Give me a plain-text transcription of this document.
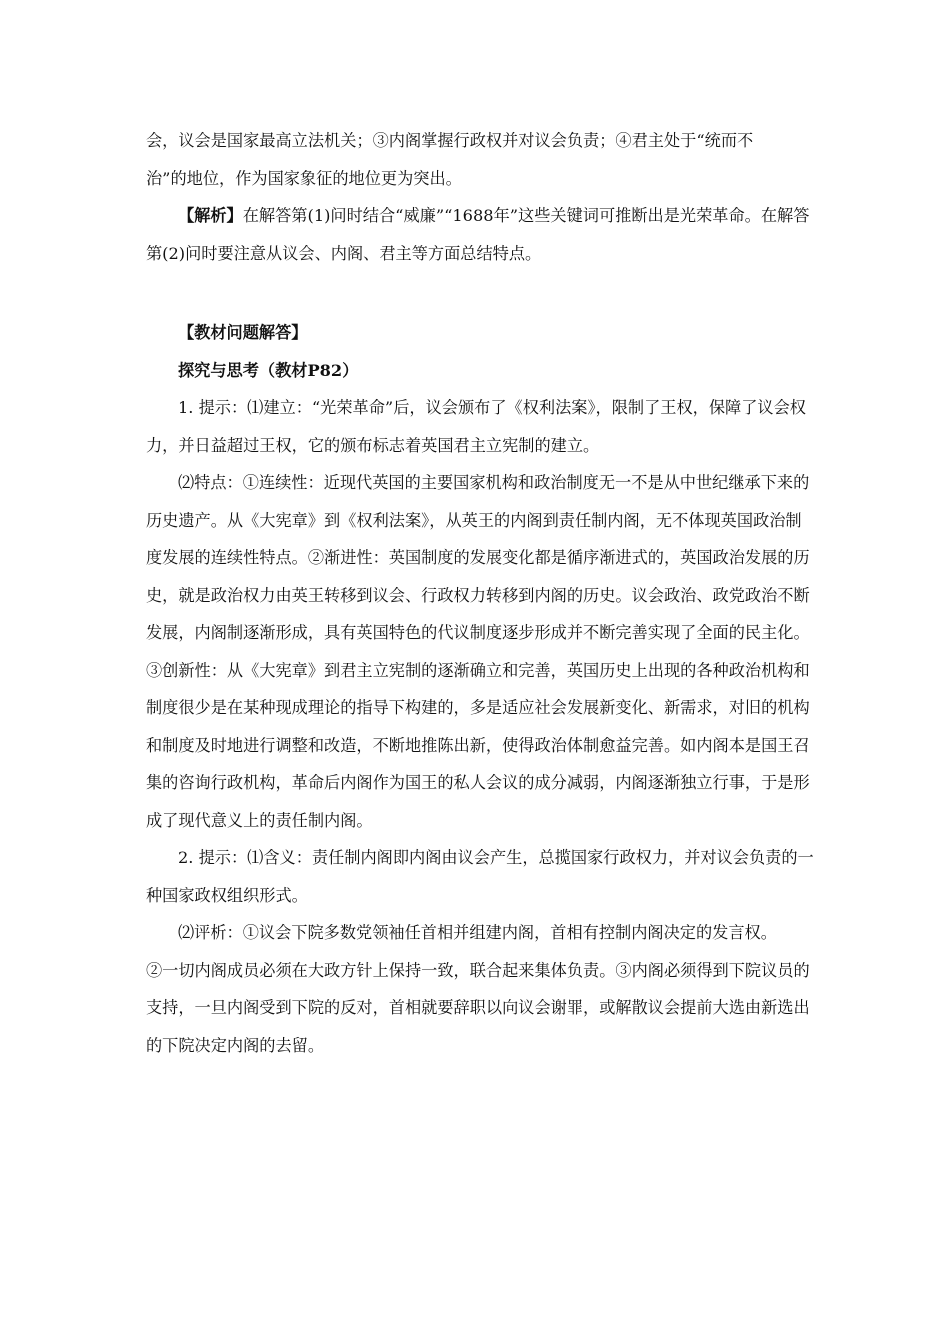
会，议会是国家最高立法机关；③内阁掌握行政权并对议会负责；④君主处于“统而不

治”的地位，作为国家象征的地位更为突出。

【解析】在解答第(1)问时结合“威廉”“1688年”这些关键词可推断出是光荣革命。在解答第(2)问时要注意从议会、内阁、君主等方面总结特点。

【教材问题解答】

探究与思考（教材P82）

1. 提示：⑴建立：“光荣革命”后，议会颁布了《权利法案》，限制了王权，保障了议会权力，并日益超过王权，它的颁布标志着英国君主立宪制的建立。

⑵特点：①连续性：近现代英国的主要国家机构和政治制度无一不是从中世纪继承下来的历史遗产。从《大宪章》到《权利法案》，从英王的内阁到责任制内阁，无不体现英国政治制度发展的连续性特点。②渐进性：英国制度的发展变化都是循序渐进式的，英国政治发展的历史，就是政治权力由英王转移到议会、行政权力转移到内阁的历史。议会政治、政党政治不断发展，内阁制逐渐形成，具有英国特色的代议制度逐步形成并不断完善实现了全面的民主化。③创新性：从《大宪章》到君主立宪制的逐渐确立和完善，英国历史上出现的各种政治机构和制度很少是在某种现成理论的指导下构建的，多是适应社会发展新变化、新需求，对旧的机构和制度及时地进行调整和改造，不断地推陈出新，使得政治体制愈益完善。如内阁本是国王召集的咨询行政机构，革命后内阁作为国王的私人会议的成分减弱，内阁逐渐独立行事，于是形成了现代意义上的责任制内阁。

2. 提示：⑴含义：责任制内阁即内阁由议会产生，总揽国家行政权力，并对议会负责的一种国家政权组织形式。

⑵评析：①议会下院多数党领袖任首相并组建内阁，首相有控制内阁决定的发言权。

②一切内阁成员必须在大政方针上保持一致，联合起来集体负责。③内阁必须得到下院议员的支持，一旦内阁受到下院的反对，首相就要辞职以向议会谢罪，或解散议会提前大选由新选出的下院决定内阁的去留。
